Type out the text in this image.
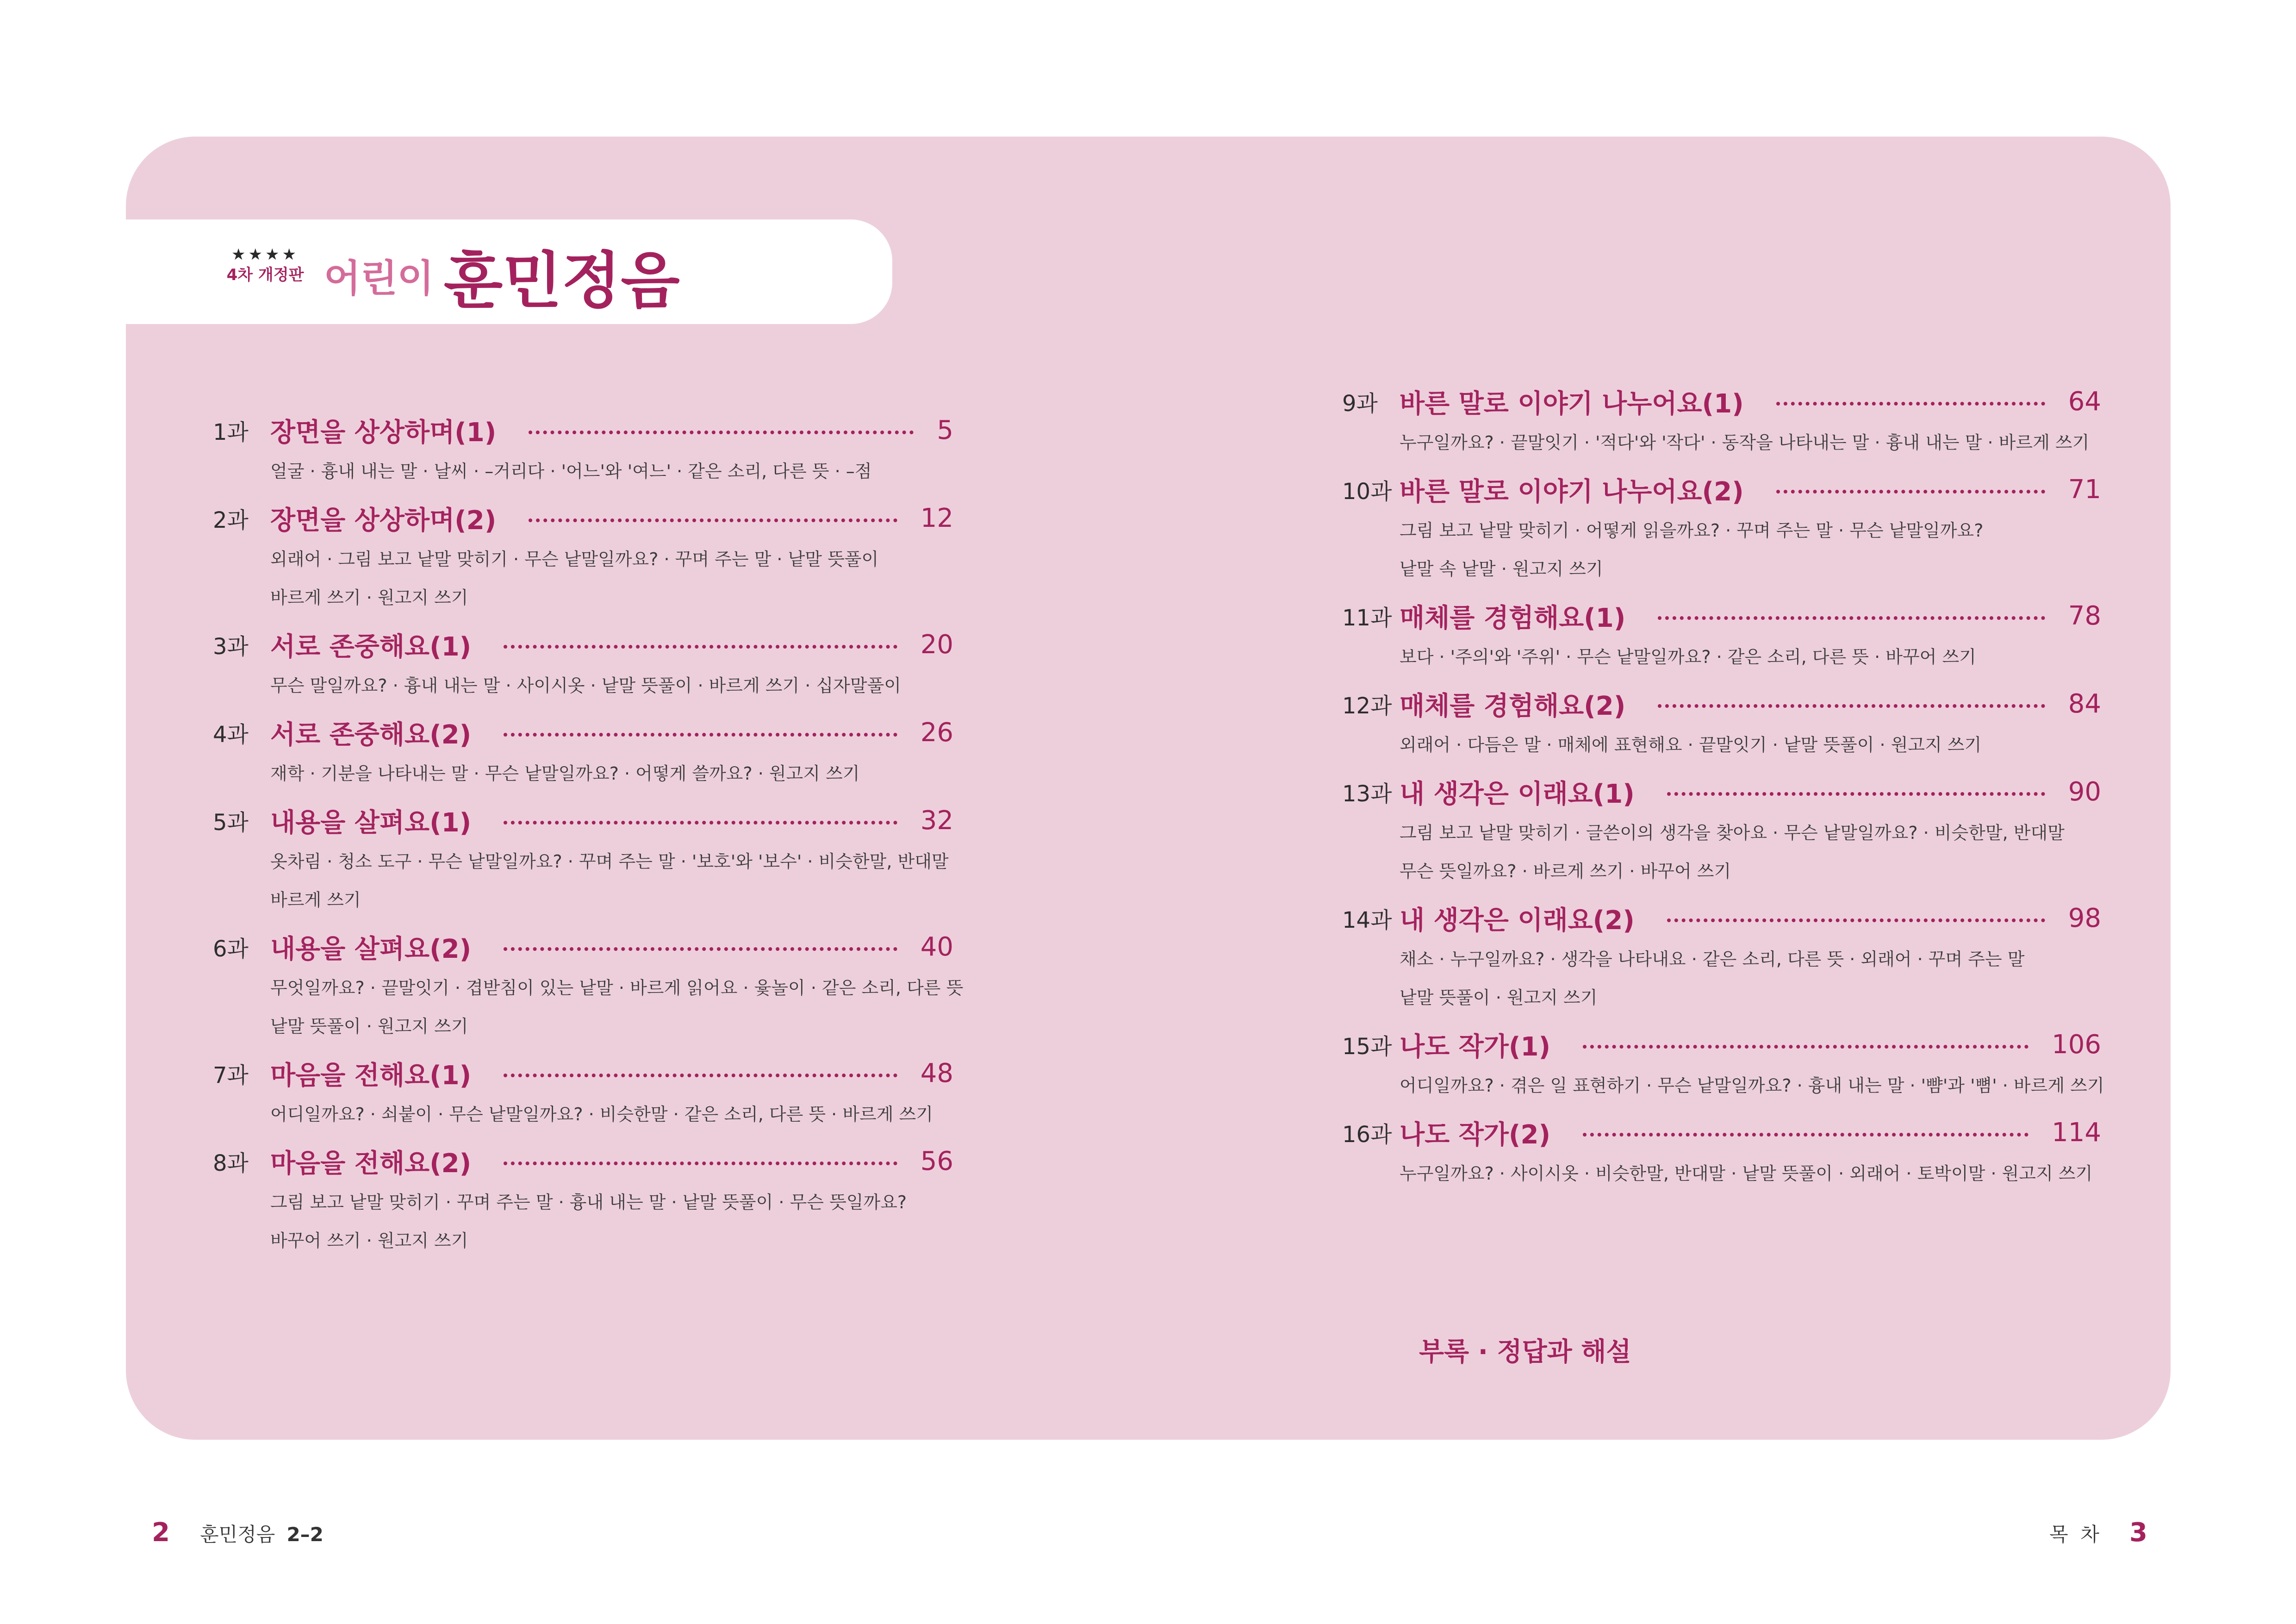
★★★★
4차 개정판 어린이 훈민정음
1과 장면을 상상하며(1)	5
얼굴 · 흉내 내는 말 · 날씨 · –거리다 · '어느'와 '여느' · 같은 소리, 다른 뜻 · –점
2과 장면을 상상하며(2)	12
외래어 · 그림 보고 낱말 맞히기 · 무슨 낱말일까요? · 꾸며 주는 말 · 낱말 뜻풀이
바르게 쓰기 · 원고지 쓰기
3과 서로 존중해요(1)	20
무슨 말일까요? · 흉내 내는 말 · 사이시옷 · 낱말 뜻풀이 · 바르게 쓰기 · 십자말풀이
4과 서로 존중해요(2)	26
재학 · 기분을 나타내는 말 · 무슨 낱말일까요? · 어떻게 쓸까요? · 원고지 쓰기
5과 내용을 살펴요(1)	32
옷차림 · 청소 도구 · 무슨 낱말일까요? · 꾸며 주는 말 · '보호'와 '보수' · 비슷한말, 반대말
바르게 쓰기
6과 내용을 살펴요(2)	40
무엇일까요? · 끝말잇기 · 겹받침이 있는 낱말 · 바르게 읽어요 · 윷놀이 · 같은 소리, 다른 뜻
낱말 뜻풀이 · 원고지 쓰기
7과 마음을 전해요(1)	48
어디일까요? · 쇠붙이 · 무슨 낱말일까요? · 비슷한말 · 같은 소리, 다른 뜻 · 바르게 쓰기
8과 마음을 전해요(2)	56
그림 보고 낱말 맞히기 · 꾸며 주는 말 · 흉내 내는 말 · 낱말 뜻풀이 · 무슨 뜻일까요?
바꾸어 쓰기 · 원고지 쓰기
9과 바른 말로 이야기 나누어요(1)	64
누구일까요? · 끝말잇기 · '적다'와 '작다' · 동작을 나타내는 말 · 흉내 내는 말 · 바르게 쓰기
10과 바른 말로 이야기 나누어요(2)	71
그림 보고 낱말 맞히기 · 어떻게 읽을까요? · 꾸며 주는 말 · 무슨 낱말일까요?
낱말 속 낱말 · 원고지 쓰기
11과 매체를 경험해요(1)	78
보다 · '주의'와 '주위' · 무슨 낱말일까요? · 같은 소리, 다른 뜻 · 바꾸어 쓰기
12과 매체를 경험해요(2)	84
외래어 · 다듬은 말 · 매체에 표현해요 · 끝말잇기 · 낱말 뜻풀이 · 원고지 쓰기
13과 내 생각은 이래요(1)	90
그림 보고 낱말 맞히기 · 글쓴이의 생각을 찾아요 · 무슨 낱말일까요? · 비슷한말, 반대말
무슨 뜻일까요? · 바르게 쓰기 · 바꾸어 쓰기
14과 내 생각은 이래요(2)	98
채소 · 누구일까요? · 생각을 나타내요 · 같은 소리, 다른 뜻 · 외래어 · 꾸며 주는 말
낱말 뜻풀이 · 원고지 쓰기
15과 나도 작가(1)	106
어디일까요? · 겪은 일 표현하기 · 무슨 낱말일까요? · 흉내 내는 말 · '뺨'과 '뼘' · 바르게 쓰기
16과 나도 작가(2)	114
누구일까요? · 사이시옷 · 비슷한말, 반대말 · 낱말 뜻풀이 · 외래어 · 토박이말 · 원고지 쓰기
부록 · 정답과 해설
2 훈민정음 2–2	목  차 3
